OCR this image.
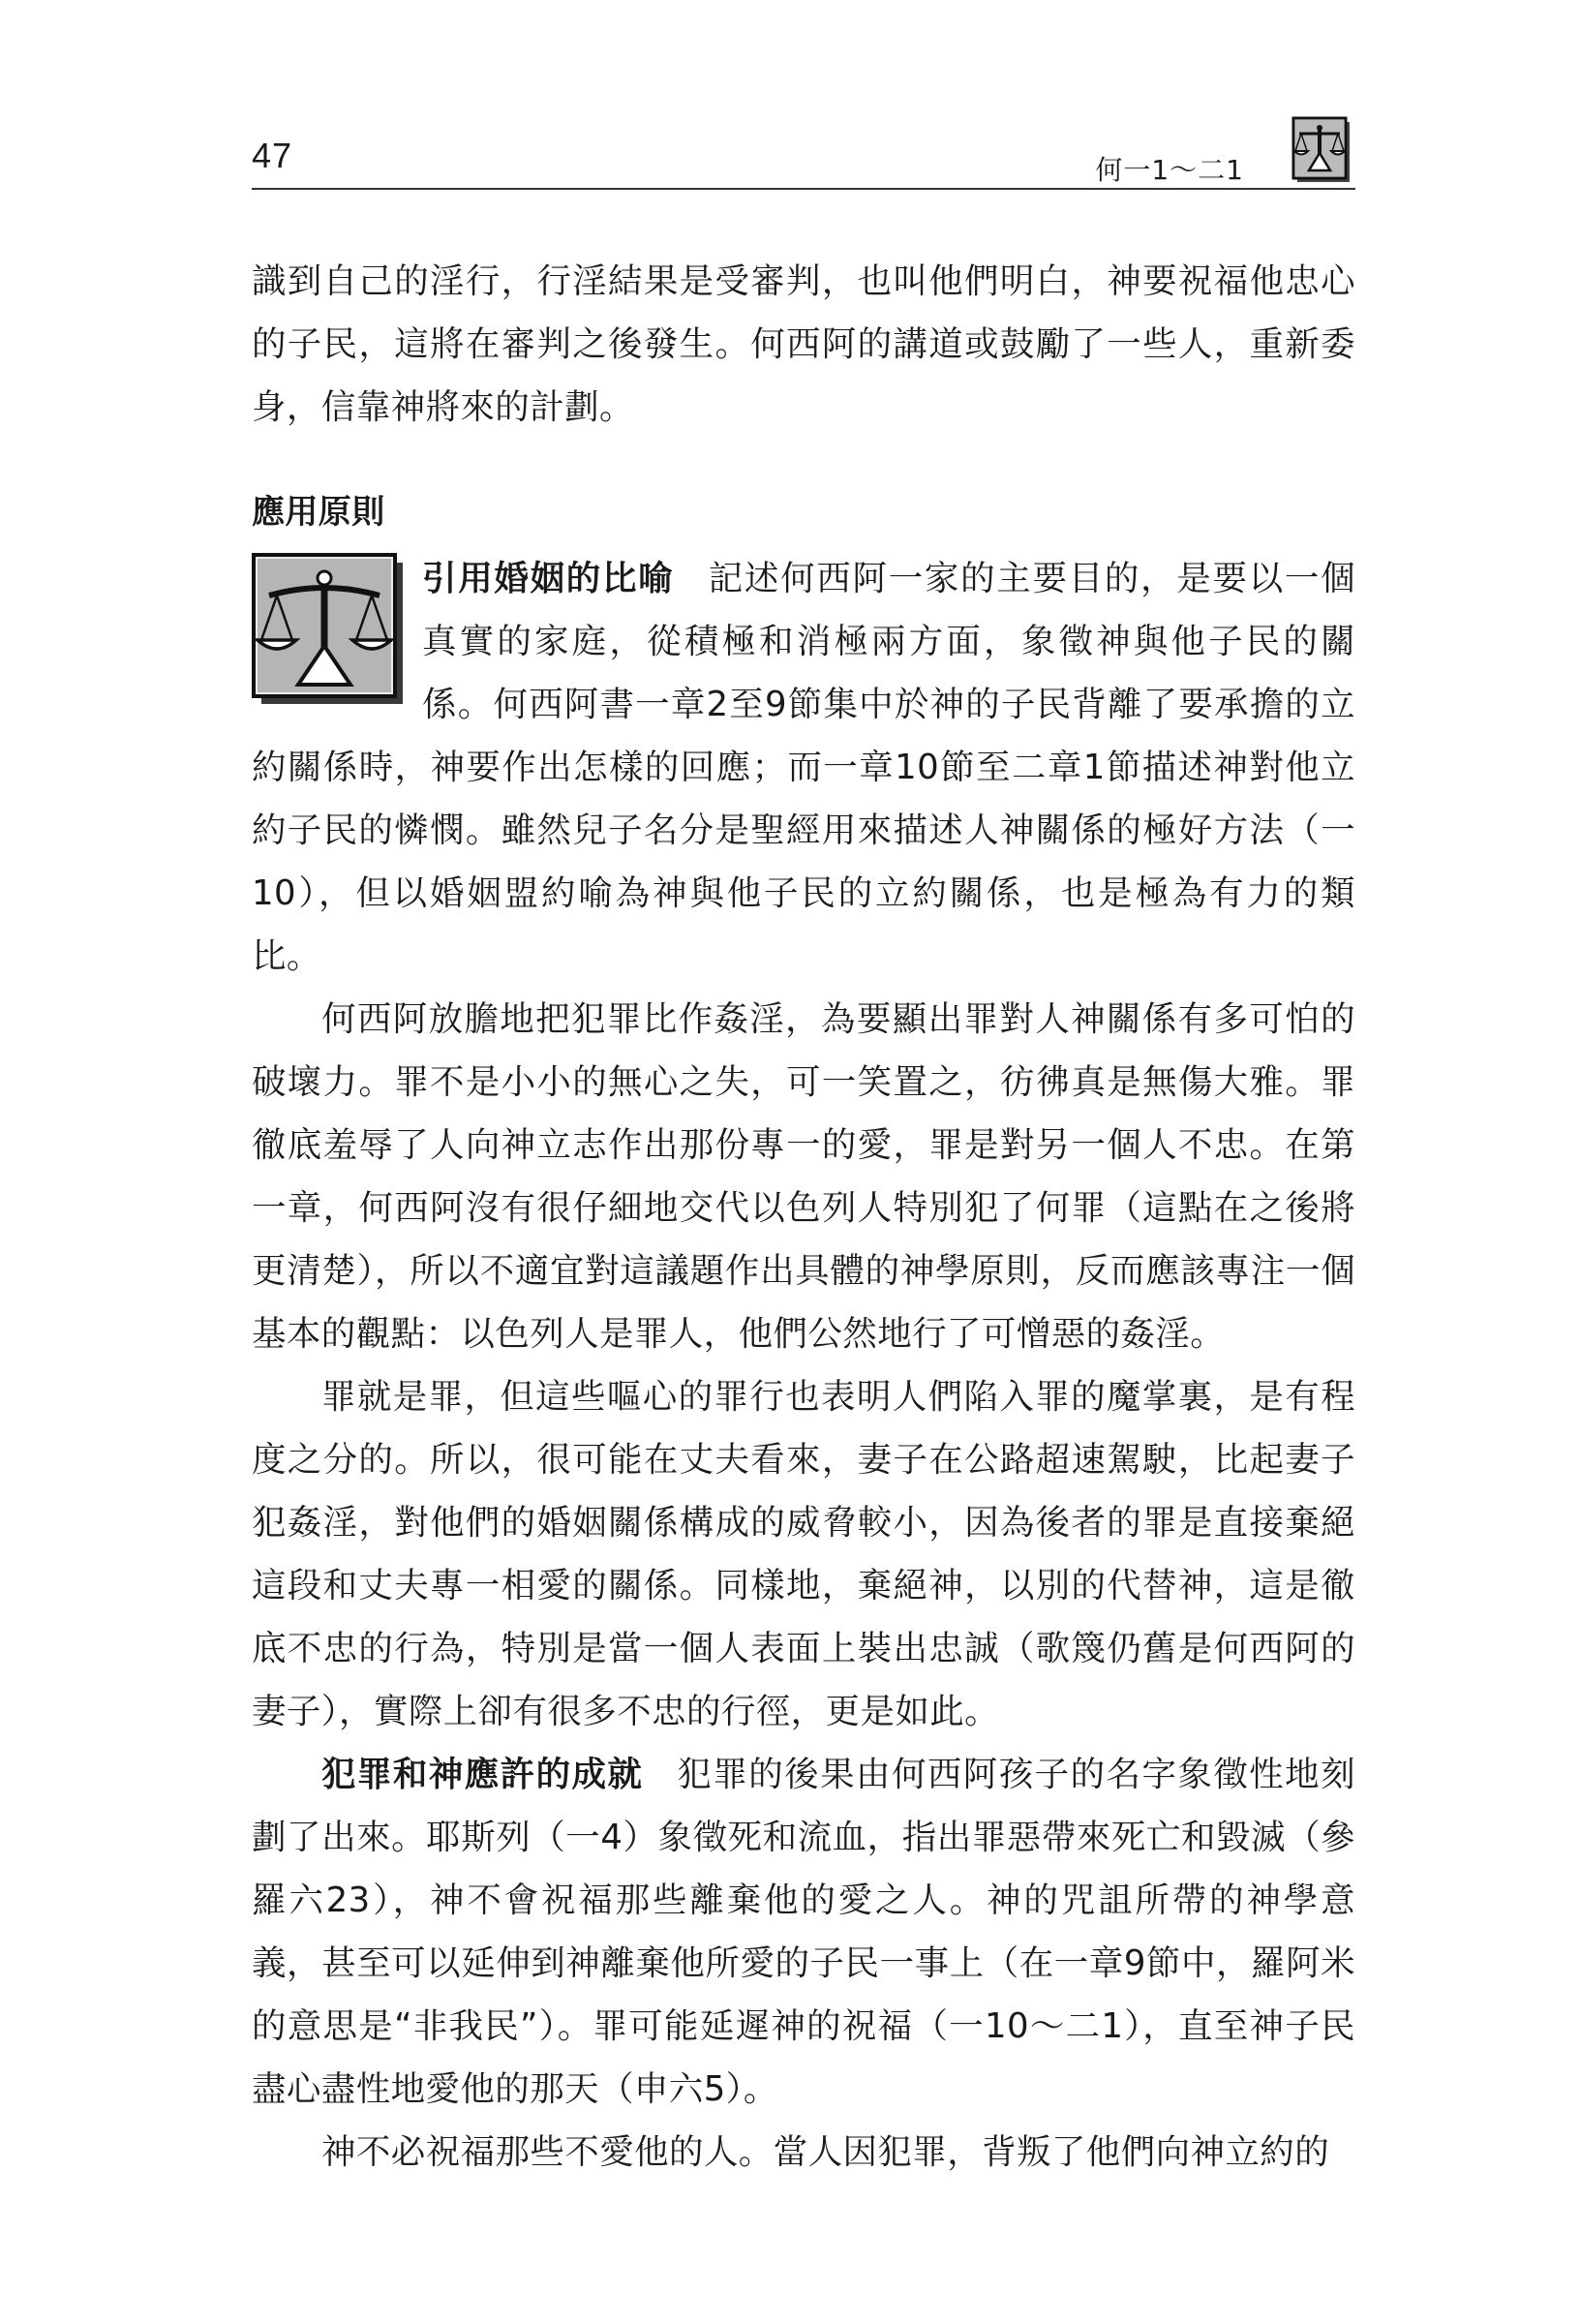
47	何一1～二1

識到自己的淫行，行淫結果是受審判，也叫他們明白，神要祝福他忠心的子民，這將在審判之後發生。何西阿的講道或鼓勵了一些人，重新委身，信靠神將來的計劃。

應用原則

引用婚姻的比喻 記述何西阿一家的主要目的，是要以一個真實的家庭，從積極和消極兩方面，象徵神與他子民的關係。何西阿書一章2至9節集中於神的子民背離了要承擔的立約關係時，神要作出怎樣的回應；而一章10節至二章1節描述神對他立約子民的憐憫。雖然兒子名分是聖經用來描述人神關係的極好方法（一10），但以婚姻盟約喻為神與他子民的立約關係，也是極為有力的類比。

何西阿放膽地把犯罪比作姦淫，為要顯出罪對人神關係有多可怕的破壞力。罪不是小小的無心之失，可一笑置之，彷彿真是無傷大雅。罪徹底羞辱了人向神立志作出那份專一的愛，罪是對另一個人不忠。在第一章，何西阿沒有很仔細地交代以色列人特別犯了何罪（這點在之後將更清楚），所以不適宜對這議題作出具體的神學原則，反而應該專注一個基本的觀點：以色列人是罪人，他們公然地行了可憎惡的姦淫。

罪就是罪，但這些嘔心的罪行也表明人們陷入罪的魔掌裏，是有程度之分的。所以，很可能在丈夫看來，妻子在公路超速駕駛，比起妻子犯姦淫，對他們的婚姻關係構成的威脅較小，因為後者的罪是直接棄絕這段和丈夫專一相愛的關係。同樣地，棄絕神，以別的代替神，這是徹底不忠的行為，特別是當一個人表面上裝出忠誠（歌篾仍舊是何西阿的妻子），實際上卻有很多不忠的行徑，更是如此。

犯罪和神應許的成就 犯罪的後果由何西阿孩子的名字象徵性地刻劃了出來。耶斯列（一4）象徵死和流血，指出罪惡帶來死亡和毀滅（參羅六23），神不會祝福那些離棄他的愛之人。神的咒詛所帶的神學意義，甚至可以延伸到神離棄他所愛的子民一事上（在一章9節中，羅阿米的意思是“非我民”）。罪可能延遲神的祝福（一10～二1），直至神子民盡心盡性地愛他的那天（申六5）。

神不必祝福那些不愛他的人。當人因犯罪，背叛了他們向神立約的
